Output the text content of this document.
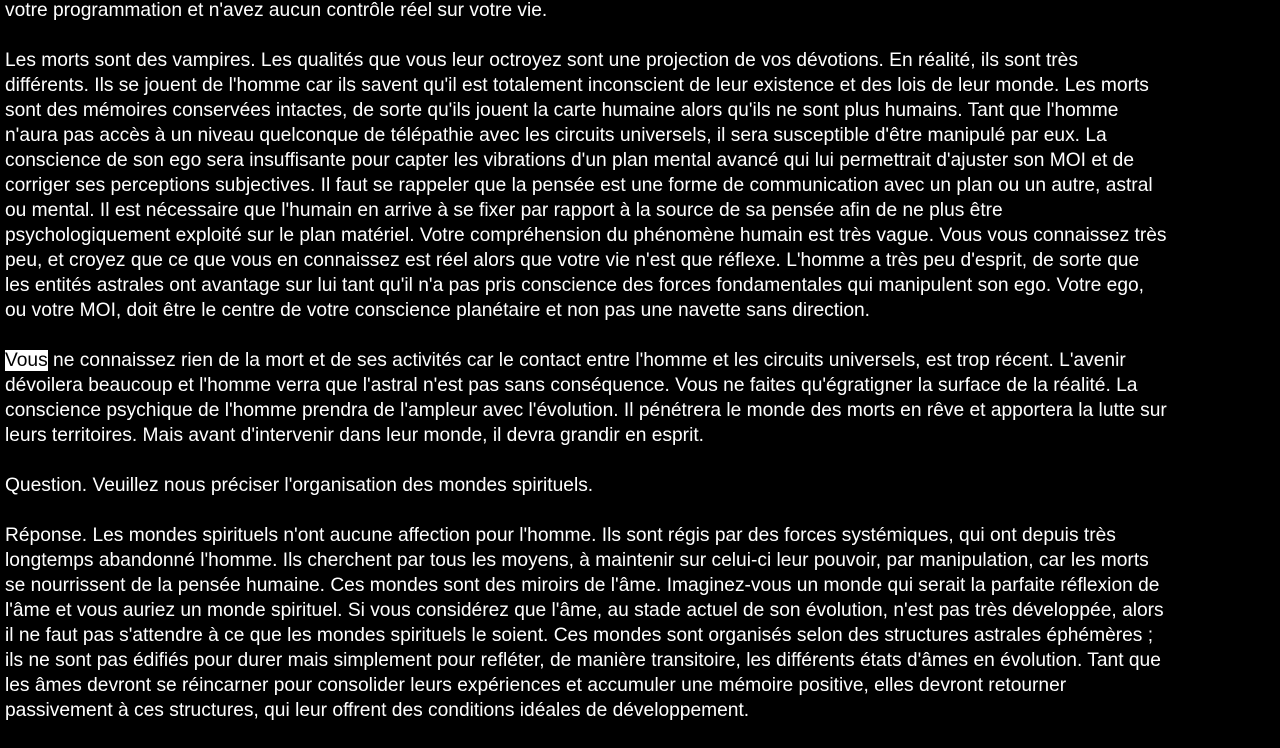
votre programmation et n'avez aucun contrôle réel sur votre vie.
Les morts sont des vampires. Les qualités que vous leur octroyez sont une projection de vos dévotions. En réalité, ils sont très
différents. Ils se jouent de l'homme car ils savent qu'il est totalement inconscient de leur existence et des lois de leur monde. Les morts
sont des mémoires conservées intactes, de sorte qu'ils jouent la carte humaine alors qu'ils ne sont plus humains. Tant que l'homme
n'aura pas accès à un niveau quelconque de télépathie avec les circuits universels, il sera susceptible d'être manipulé par eux. La
conscience de son ego sera insuffisante pour capter les vibrations d'un plan mental avancé qui lui permettrait d'ajuster son MOI et de
corriger ses perceptions subjectives. Il faut se rappeler que la pensée est une forme de communication avec un plan ou un autre, astral
ou mental. Il est nécessaire que l'humain en arrive à se fixer par rapport à la source de sa pensée afin de ne plus être
psychologiquement exploité sur le plan matériel. Votre compréhension du phénomène humain est très vague. Vous vous connaissez très
peu, et croyez que ce que vous en connaissez est réel alors que votre vie n'est que réflexe. L'homme a très peu d'esprit, de sorte que
les entités astrales ont avantage sur lui tant qu'il n'a pas pris conscience des forces fondamentales qui manipulent son ego. Votre ego,
ou votre MOI, doit être le centre de votre conscience planétaire et non pas une navette sans direction.
Vous ne connaissez rien de la mort et de ses activités car le contact entre l'homme et les circuits universels, est trop récent. L'avenir
dévoilera beaucoup et l'homme verra que l'astral n'est pas sans conséquence. Vous ne faites qu'égratigner la surface de la réalité. La
conscience psychique de l'homme prendra de l'ampleur avec l'évolution. Il pénétrera le monde des morts en rêve et apportera la lutte sur
leurs territoires. Mais avant d'intervenir dans leur monde, il devra grandir en esprit.
Question. Veuillez nous préciser l'organisation des mondes spirituels.
Réponse. Les mondes spirituels n'ont aucune affection pour l'homme. Ils sont régis par des forces systémiques, qui ont depuis très
longtemps abandonné l'homme. Ils cherchent par tous les moyens, à maintenir sur celui-ci leur pouvoir, par manipulation, car les morts
se nourrissent de la pensée humaine. Ces mondes sont des miroirs de l'âme. Imaginez-vous un monde qui serait la parfaite réflexion de
l'âme et vous auriez un monde spirituel. Si vous considérez que l'âme, au stade actuel de son évolution, n'est pas très développée, alors
il ne faut pas s'attendre à ce que les mondes spirituels le soient. Ces mondes sont organisés selon des structures astrales éphémères ;
ils ne sont pas édifiés pour durer mais simplement pour refléter, de manière transitoire, les différents états d'âmes en évolution. Tant que
les âmes devront se réincarner pour consolider leurs expériences et accumuler une mémoire positive, elles devront retourner
passivement à ces structures, qui leur offrent des conditions idéales de développement.
